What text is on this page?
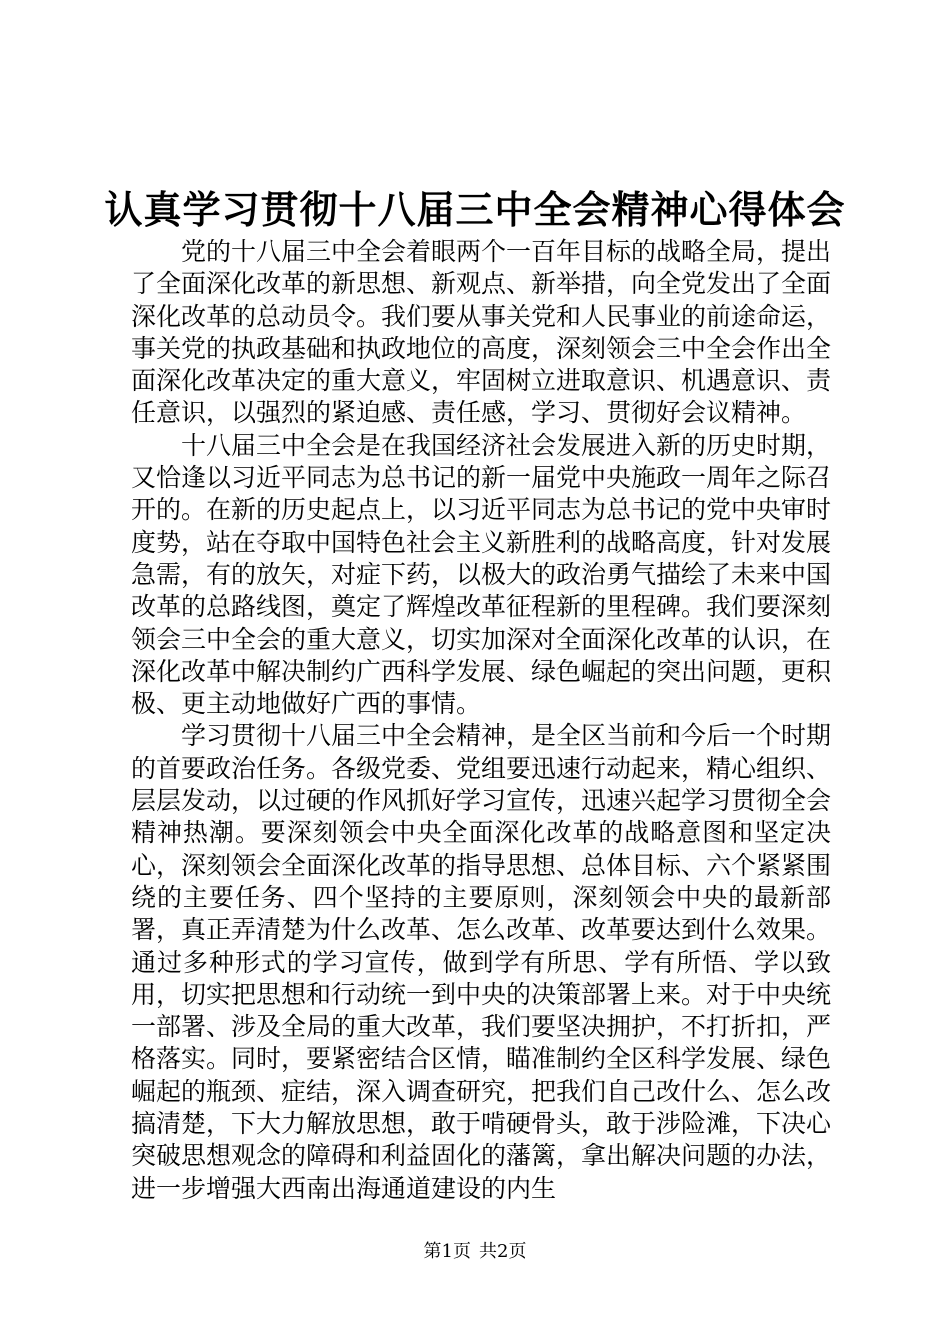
认真学习贯彻十八届三中全会精神心得体会

党的十八届三中全会着眼两个一百年目标的战略全局，提出了全面深化改革的新思想、新观点、新举措，向全党发出了全面深化改革的总动员令。我们要从事关党和人民事业的前途命运，事关党的执政基础和执政地位的高度，深刻领会三中全会作出全面深化改革决定的重大意义，牢固树立进取意识、机遇意识、责任意识，以强烈的紧迫感、责任感，学习、贯彻好会议精神。

十八届三中全会是在我国经济社会发展进入新的历史时期，又恰逢以习近平同志为总书记的新一届党中央施政一周年之际召开的。在新的历史起点上，以习近平同志为总书记的党中央审时度势，站在夺取中国特色社会主义新胜利的战略高度，针对发展急需，有的放矢，对症下药，以极大的政治勇气描绘了未来中国改革的总路线图，奠定了辉煌改革征程新的里程碑。我们要深刻领会三中全会的重大意义，切实加深对全面深化改革的认识，在深化改革中解决制约广西科学发展、绿色崛起的突出问题，更积极、更主动地做好广西的事情。

学习贯彻十八届三中全会精神，是全区当前和今后一个时期的首要政治任务。各级党委、党组要迅速行动起来，精心组织、层层发动，以过硬的作风抓好学习宣传，迅速兴起学习贯彻全会精神热潮。要深刻领会中央全面深化改革的战略意图和坚定决心，深刻领会全面深化改革的指导思想、总体目标、六个紧紧围绕的主要任务、四个坚持的主要原则，深刻领会中央的最新部署，真正弄清楚为什么改革、怎么改革、改革要达到什么效果。通过多种形式的学习宣传，做到学有所思、学有所悟、学以致用，切实把思想和行动统一到中央的决策部署上来。对于中央统一部署、涉及全局的重大改革，我们要坚决拥护，不打折扣，严格落实。同时，要紧密结合区情，瞄准制约全区科学发展、绿色崛起的瓶颈、症结，深入调查研究，把我们自己改什么、怎么改搞清楚，下大力解放思想，敢于啃硬骨头，敢于涉险滩，下决心突破思想观念的障碍和利益固化的藩篱，拿出解决问题的办法，进一步增强大西南出海通道建设的内生

第1页 共2页
